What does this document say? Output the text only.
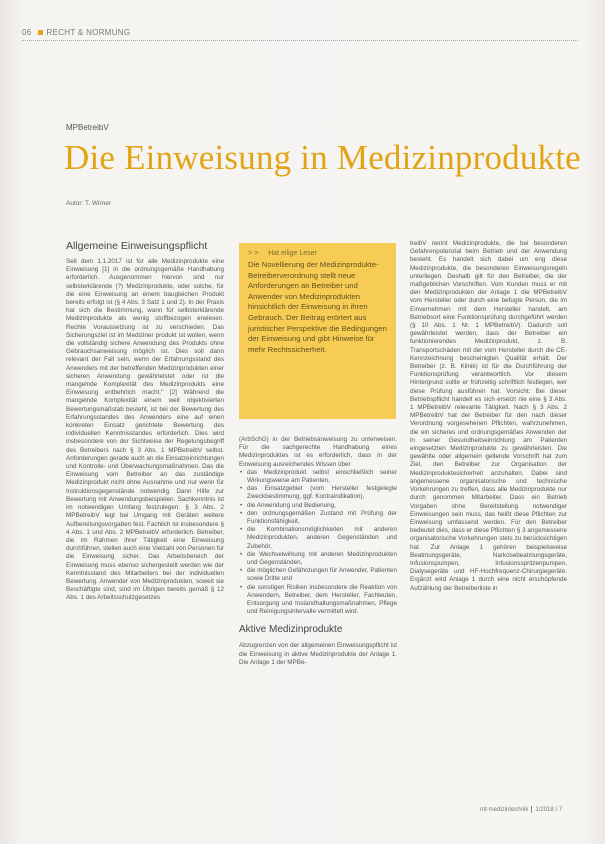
06 RECHT & NORMUNG
MPBetreibV
Die Einweisung in Medizinprodukte
Autor: T. Wirner
Allgemeine Einweisungspflicht

Seit dem 1.1.2017 ist für alle Medizinprodukte eine Einweisung [1] in die ordnungsgemäße Handhabung erforderlich. Ausgenommen hiervon sind nur selbsterklärende (?) Medizinprodukte, oder solche, für die eine Einweisung an einem baugleichen Produkt bereits erfolgt ist (§ 4 Abs. 3 Satz 1 und 2). In der Praxis hat sich die Bestimmung, wann für selbsterklärende Medizinprodukte als wenig stoffbezogen erwiesen. Rechte Voraussetzung ist zu verschieden. Das Sicherungsziel ist im Mediziner produkt ist wollen, wenn die vollständig sichere Anwendung des Produkts ohne Gebrauchsanweisung möglich ist. Dies soll dann relevant der Fall sein, wenn der Erfahrungsstand des Anwenders mit der betreffenden Medizinprodukten einer sicheren Anwendung gewährleistet oder ist die mangelnde Komplexität des Medizinprodukts eine Einweisung entbehrlich macht." [2] Während die mangelnde Komplexität einem weit objektivierten Bewertungsmaßstab besteht, ist bei der Bewertung des Erfahrungsstandes des Anwenders eine auf einen konkreten Einsatz gerichtete Bewertung des individuellen Kenntnisstandes erforderlich. Dies wird insbesondere von der Sichtweise der Regelungsbegriff des Betreibers nach § 3 Abs. 1 MPBetreibV selbst. Anforderungen gerade auch an die Einsatzeinrichtungen und Kontrolle- und Überwachungsmaßnahmen. Das die Einweisung vom Betreiber an das zuständige Medizinprodukt nicht ohne Ausnahme und nur wenn für Instruktionsgegenstände notwendig. Dann Hilfe zur Bewertung mit Anwendungsbeispielen. Sachkenntnis ist im notwendigen Umfang festzulegen. § 3 Abs. 2 MPBetreibV legt bei Umgang mit Geräten weitere Aufbereitungsvorgaben fest. Fachlich ist insbesondere § 4 Abs. 1 und Abs. 2 MPBetreibV erforderlich. Betreiber, die im Rahmen ihrer Tätigkeit eine Einweisung durchführen, stellen auch eine Vielzahl von Personen für die Einweisung sicher. Das Arbeitsbereich der Einweisung muss ebenso sichergestellt werden wie der Kenntnisstand des Mitarbeiters bei der individuellen Bewertung. Anwender von Medizinprodukten, soweit sie Beschäftigte sind, sind im Übrigen bereits gemäß § 12 Abs. 1 des Arbeitsschutzgesetzes

>> Hat eilige Leser
Die Novellierung der Medizinprodukte-Betreiberverordnung stellt neue Anforderungen an Betreiber und Anwender von Medizinprodukten hinsichtlich der Einweisung in ihren Gebrauch. Der Beitrag erörtert aus juristischer Perspektive die Bedingungen der Einweisung und gibt Hinweise für mehr Rechtssicherheit.

(ArbSchG) in der Betriebsanweisung zu unterweisen. Für die sachgerechte Handhabung eines Medizinproduktes ist es erforderlich, dass in der Einweisung ausreichendes Wissen über

• das Medizinprodukt selbst einschließlich seiner Wirkungsweise am Patienten,
• das Einsatzgebiet (vom Hersteller festgelegte Zweckbestimmung, ggf. Kontraindikation),
• die Anwendung und Bedienung,
• den ordnungsgemäßen Zustand mit Prüfung der Funktionsfähigkeit,
• die Kombinationsmöglichkeiten mit anderen Medizinprodukten, anderen Gegenständen und Zubehör,
• die Wechselwirkung mit anderen Medizinprodukten und Gegenständen,
• die möglichen Gefährdungen für Anwender, Patienten sowie Dritte und
• die sonstigen Risiken insbesondere die Reaktion von Anwendern, Betreiber, dem Hersteller, Fachleuten, Entsorgung und Instandhaltungsmaßnahmen, Pflege und Reinigungsintervalle vermittelt wird.
Aktive Medizinprodukte

Abzugrenzen von der allgemeinen Einweisungspflicht ist die Einweisung in aktive Medizinprodukte der Anlage 1. Die Anlage 1 der MPBe-

treibV nennt Medizinprodukte, die bei besonderen Gefahrenpotenzial beim Betrieb und der Anwendung besteht. Es handelt sich dabei um eng diese Medizinprodukte, die besonderen Einweisungsregeln unterliegen. Deshalb gilt für den Betreiber, die der maßgeblichen Vorschriften. Vom Kunden muss er mit den Medizinprodukten der Anlage 1 die MPBetreibV vom Hersteller oder durch eine befugte Person, die im Einvernehmen mit dem Hersteller handelt, am Betriebsort eine Funktionsprüfung durchgeführt werden (§ 10 Abs. 1 Nr. 1 MPBetreibV). Dadurch soll gewährleistet werden, dass der Betreiber ein funktionierendes Medizinprodukt, z. B. Transportschäden mit der vom Hersteller durch die CE-Kennzeichnung bescheinigten Qualität erhält. Der Betreiber (z. B. Klinik) ist für die Durchführung der Funktionsprüfung verantwortlich. Vor diesem Hintergrund sollte er frühzeitig schriftlich festlegen, wer diese Prüfung ausführen hat. Vorsicht: Bei dieser Betriebspflicht handelt es sich ersetzt nie eine § 3 Abs. 1 MPBetreibV relevante Tätigkeit. Nach § 3 Abs. 2 MPBetreibV hat der Betreiber für den nach dieser Verordnung vorgesehenen Pflichten, wahrzunehmen, die ein sicheres und ordnungsgemäßes Anwenden der in seiner Gesundheitseinrichtung am Patienten eingesetzten Medizinprodukte zu gewährleisten. Die gewählte oder allgemein geltende Vorschrift hat zum Ziel, den Betreiber zur Organisation der Medizinproduktesicherheit anzuhalten. Dabei sind angemessene organisatorische und technische Vorkehrungen zu treffen, dass alle Medizinprodukte nur durch genommen Mitarbeiter. Dass ein Betrieb Vorgaben ohne Bereitstellung notwendiger Einweisungen sein muss, das heißt diese Pflichten zur Einweisung umfassend werden. Für den Betreiber bedeutet dies, dass er diese Pflichten § 3 angemessene organisatorische Vorkehrungen stets zu berücksichtigen hat. Zur Anlage 1 gehören beispielsweise Beatmungsgeräte, Narkosebeatmungsgeräte, Infusionspumpen, Infusionsspritzenpumpen, Dialysegeräte und HF-Hochfrequenz-Chirurgiegeräte. Ergänzt wird Anlage 1 durch eine nicht erschöpfende Aufzählung der Betreiberliste in

mt-medizintechnik 1/2018 I 7
